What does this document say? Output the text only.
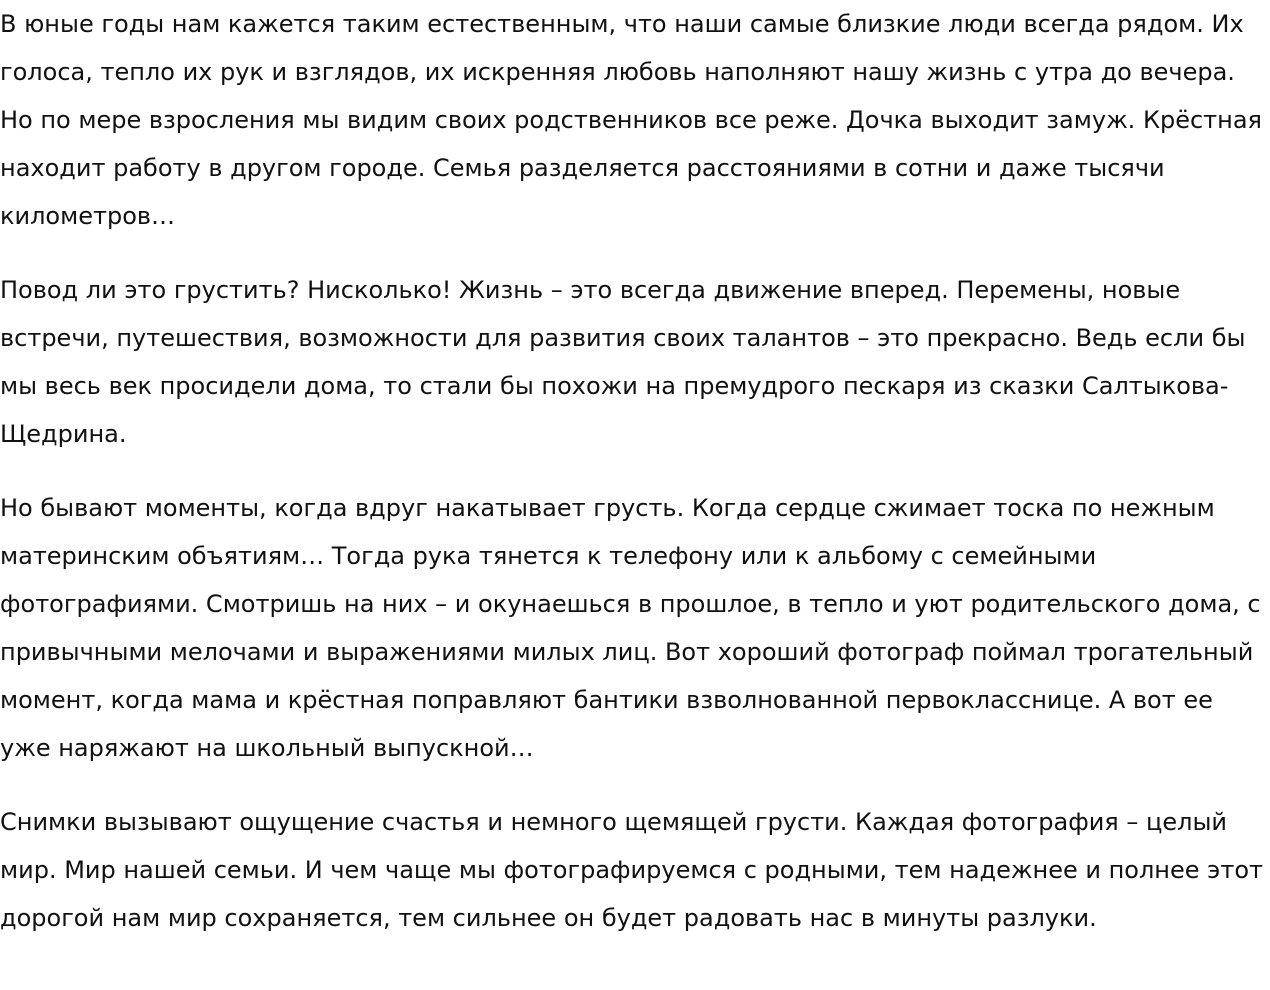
В юные годы нам кажется таким естественным, что наши самые близкие люди всегда рядом. Их голоса, тепло их рук и взглядов, их искренняя любовь наполняют нашу жизнь с утра до вечера. Но по мере взросления мы видим своих родственников все реже. Дочка выходит замуж. Крёстная находит работу в другом городе. Семья разделяется расстояниями в сотни и даже тысячи километров…

Повод ли это грустить? Нисколько! Жизнь – это всегда движение вперед. Перемены, новые встречи, путешествия, возможности для развития своих талантов – это прекрасно. Ведь если бы мы весь век просидели дома, то стали бы похожи на премудрого пескаря из сказки Салтыкова-Щедрина.

Но бывают моменты, когда вдруг накатывает грусть. Когда сердце сжимает тоска по нежным материнским объятиям… Тогда рука тянется к телефону или к альбому с семейными фотографиями. Смотришь на них – и окунаешься в прошлое, в тепло и уют родительского дома, с привычными мелочами и выражениями милых лиц. Вот хороший фотограф поймал трогательный момент, когда мама и крёстная поправляют бантики взволнованной первокласснице. А вот ее уже наряжают на школьный выпускной…

Снимки вызывают ощущение счастья и немного щемящей грусти. Каждая фотография – целый мир. Мир нашей семьи. И чем чаще мы фотографируемся с родными, тем надежнее и полнее этот дорогой нам мир сохраняется, тем сильнее он будет радовать нас в минуты разлуки.
